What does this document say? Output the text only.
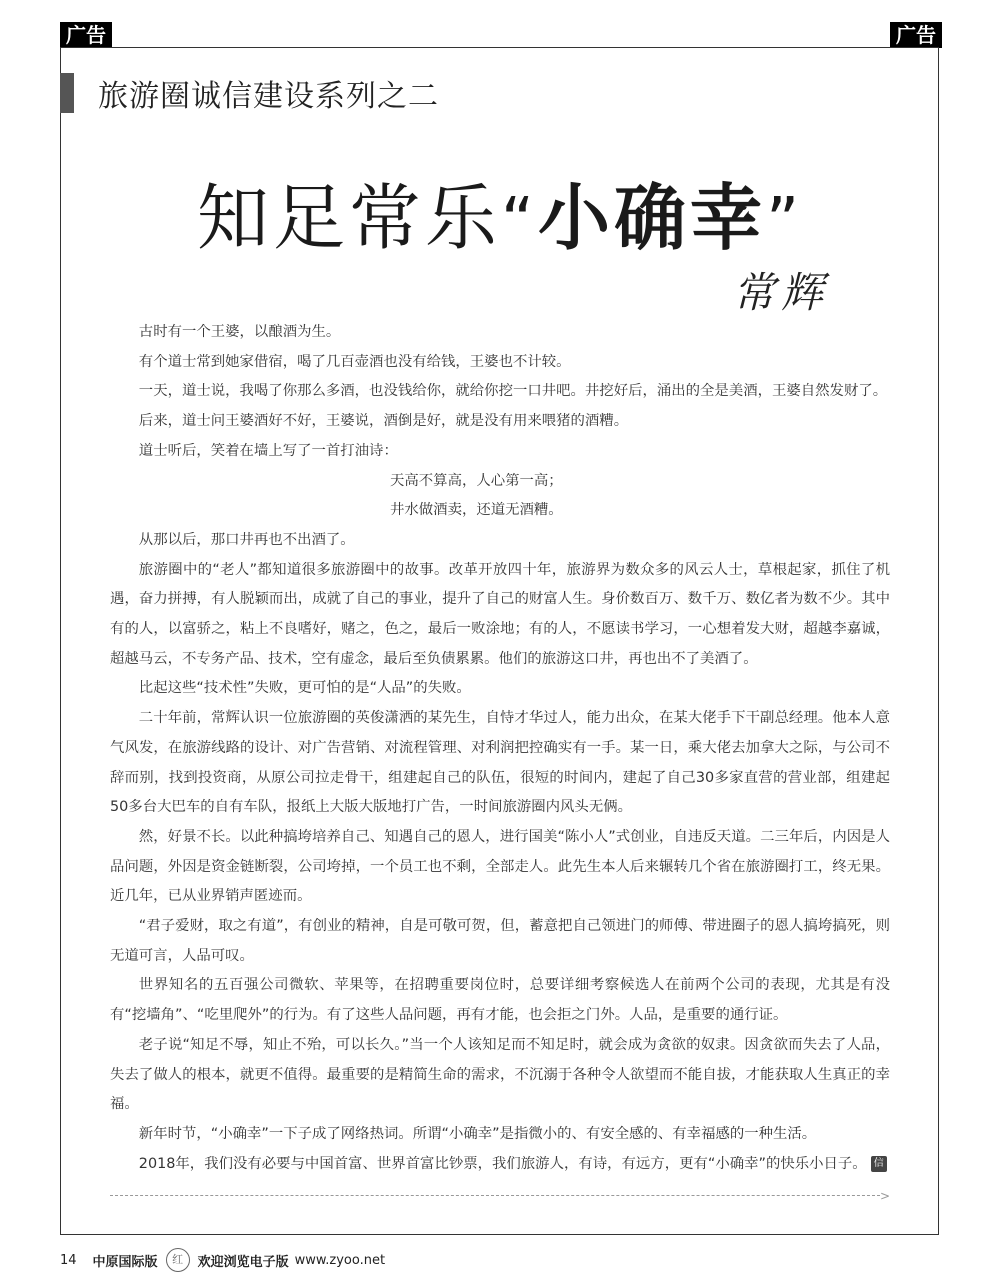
广告	广告
旅游圈诚信建设系列之二
知足常乐“小确幸”
常辉

古时有一个王婆，以酿酒为生。

有个道士常到她家借宿，喝了几百壶酒也没有给钱，王婆也不计较。

一天，道士说，我喝了你那么多酒，也没钱给你，就给你挖一口井吧。井挖好后，涌出的全是美酒，王婆自然发财了。

后来，道士问王婆酒好不好，王婆说，酒倒是好，就是没有用来喂猪的酒糟。

道士听后，笑着在墙上写了一首打油诗：

天高不算高，人心第一高；

井水做酒卖，还道无酒糟。

从那以后，那口井再也不出酒了。

旅游圈中的“老人”都知道很多旅游圈中的故事。改革开放四十年，旅游界为数众多的风云人士，草根起家，抓住了机遇，奋力拼搏，有人脱颖而出，成就了自己的事业，提升了自己的财富人生。身价数百万、数千万、数亿者为数不少。其中有的人，以富骄之，粘上不良嗜好，赌之，色之，最后一败涂地；有的人，不愿读书学习，一心想着发大财，超越李嘉诚，超越马云，不专务产品、技术，空有虚念，最后至负债累累。他们的旅游这口井，再也出不了美酒了。

比起这些“技术性”失败，更可怕的是“人品”的失败。

二十年前，常辉认识一位旅游圈的英俊潇洒的某先生，自恃才华过人，能力出众，在某大佬手下干副总经理。他本人意气风发，在旅游线路的设计、对广告营销、对流程管理、对利润把控确实有一手。某一日，乘大佬去加拿大之际，与公司不辞而别，找到投资商，从原公司拉走骨干，组建起自己的队伍，很短的时间内，建起了自己30多家直营的营业部，组建起50多台大巴车的自有车队，报纸上大版大版地打广告，一时间旅游圈内风头无俩。

然，好景不长。以此种搞垮培养自己、知遇自己的恩人，进行国美“陈小人”式创业，自违反天道。二三年后，内因是人品问题，外因是资金链断裂，公司垮掉，一个员工也不剩，全部走人。此先生本人后来辗转几个省在旅游圈打工，终无果。近几年，已从业界销声匿迹而。

“君子爱财，取之有道”，有创业的精神，自是可敬可贺，但，蓄意把自己领进门的师傅、带进圈子的恩人搞垮搞死，则无道可言，人品可叹。

世界知名的五百强公司微软、苹果等，在招聘重要岗位时，总要详细考察候选人在前两个公司的表现，尤其是有没有“挖墙角”、“吃里爬外”的行为。有了这些人品问题，再有才能，也会拒之门外。人品，是重要的通行证。

老子说“知足不辱，知止不殆，可以长久。”当一个人该知足而不知足时，就会成为贪欲的奴隶。因贪欲而失去了人品，失去了做人的根本，就更不值得。最重要的是精简生命的需求，不沉溺于各种令人欲望而不能自拔，才能获取人生真正的幸福。

新年时节，“小确幸”一下子成了网络热词。所谓“小确幸”是指微小的、有安全感的、有幸福感的一种生活。

2018年，我们没有必要与中国首富、世界首富比钞票，我们旅游人，有诗，有远方，更有“小确幸”的快乐小日子。 信

>
14 中原国际版	红	欢迎浏览电子版 www.zyoo.net
